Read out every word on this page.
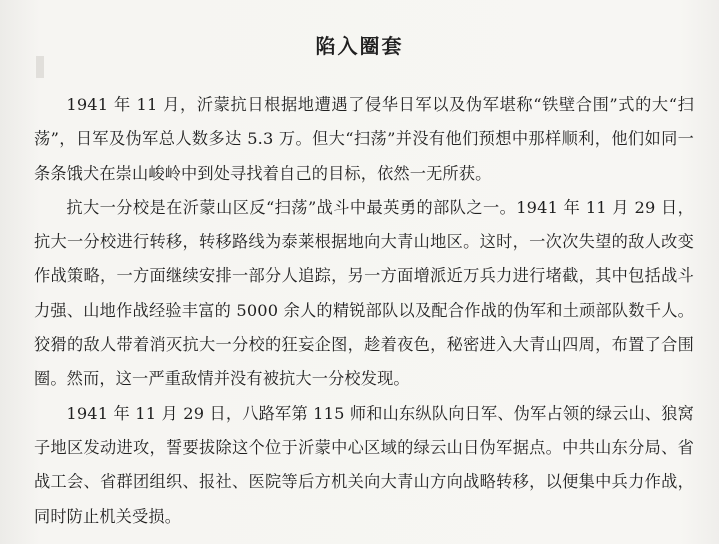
陷入圈套

1941 年 11 月，沂蒙抗日根据地遭遇了侵华日军以及伪军堪称“铁壁合围”式的大“扫荡”，日军及伪军总人数多达 5.3 万。但大“扫荡”并没有他们预想中那样顺利，他们如同一条条饿犬在崇山峻岭中到处寻找着自己的目标，依然一无所获。

抗大一分校是在沂蒙山区反“扫荡”战斗中最英勇的部队之一。1941 年 11 月 29 日，抗大一分校进行转移，转移路线为泰莱根据地向大青山地区。这时，一次次失望的敌人改变作战策略，一方面继续安排一部分人追踪，另一方面增派近万兵力进行堵截，其中包括战斗力强、山地作战经验丰富的 5000 余人的精锐部队以及配合作战的伪军和土顽部队数千人。狡猾的敌人带着消灭抗大一分校的狂妄企图，趁着夜色，秘密进入大青山四周，布置了合围圈。然而，这一严重敌情并没有被抗大一分校发现。

1941 年 11 月 29 日，八路军第 115 师和山东纵队向日军、伪军占领的绿云山、狼窝子地区发动进攻，誓要拔除这个位于沂蒙中心区域的绿云山日伪军据点。中共山东分局、省战工会、省群团组织、报社、医院等后方机关向大青山方向战略转移，以便集中兵力作战，同时防止机关受损。
